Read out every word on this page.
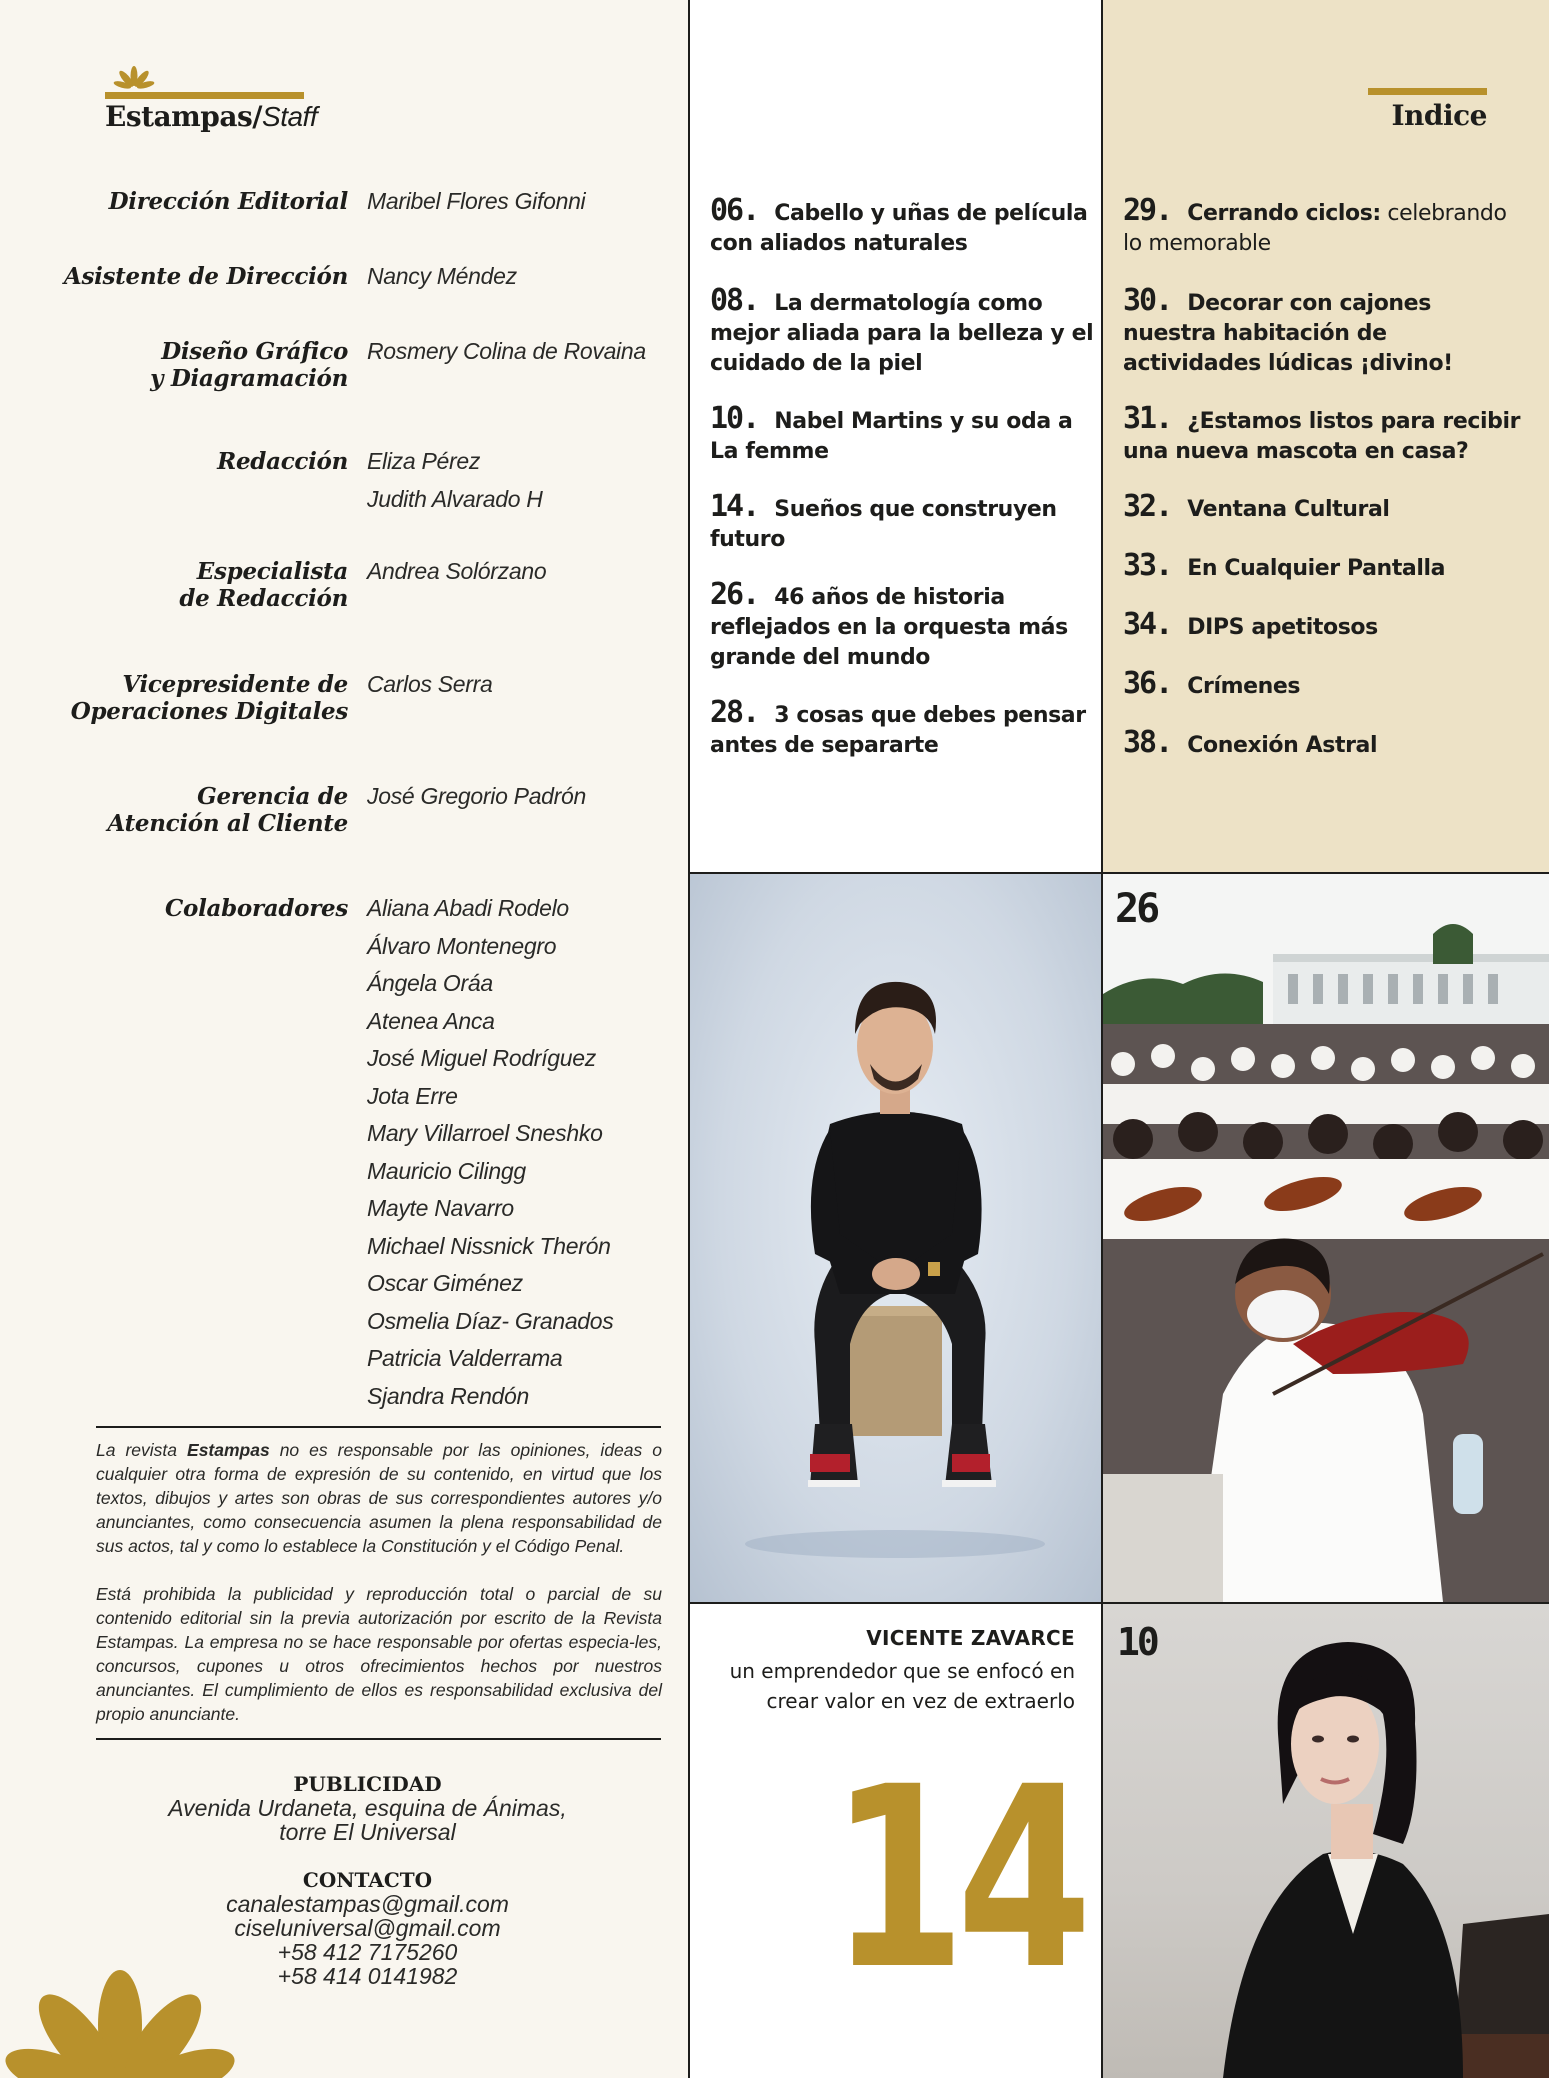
Estampas/Staff
Dirección Editorial Maribel Flores Gifonni
Asistente de Dirección Nancy Méndez
Diseño Gráfico
y Diagramación
Rosmery Colina de Rovaina
Redacción Eliza Pérez
Judith Alvarado H
Especialista
de Redacción
Andrea Solórzano
Vicepresidente de
Operaciones Digitales
Carlos Serra
Gerencia de
Atención al Cliente
José Gregorio Padrón
Colaboradores Aliana Abadi Rodelo
Álvaro Montenegro
Ángela Oráa
Atenea Anca
José Miguel Rodríguez
Jota Erre
Mary Villarroel Sneshko
Mauricio Cilingg
Mayte Navarro
Michael Nissnick Therón
Oscar Giménez
Osmelia Díaz- Granados
Patricia Valderrama
Sjandra Rendón
La revista Estampas no es responsable por las opiniones, ideas o cualquier otra forma de expresión de su contenido, en virtud que los textos, dibujos y artes son obras de sus correspondientes autores y/o anunciantes, como consecuencia asumen la plena responsabilidad de sus actos, tal y como lo establece la Constitución y el Código Penal.
Está prohibida la publicidad y reproducción total o parcial de su contenido editorial sin la previa autorización por escrito de la Revista Estampas. La empresa no se hace responsable por ofertas especia-les, concursos, cupones u otros ofrecimientos hechos por nuestros anunciantes. El cumplimiento de ellos es responsabilidad exclusiva del propio anunciante.
PUBLICIDAD
Avenida Urdaneta, esquina de Ánimas,
torre El Universal
CONTACTO
canalestampas@gmail.com
ciseluniversal@gmail.com
+58 412 7175260
+58 414 0141982
06. Cabello y uñas de película
con aliados naturales
08. La dermatología como
mejor aliada para la belleza y el
cuidado de la piel
10. Nabel Martins y su oda a
La femme
14. Sueños que construyen
futuro
26. 46 años de historia
reflejados en la orquesta más
grande del mundo
28. 3 cosas que debes pensar
antes de separarte
Indice
29. Cerrando ciclos: celebrando
lo memorable
30. Decorar con cajones
nuestra habitación de
actividades lúdicas ¡divino!
31. ¿Estamos listos para recibir
una nueva mascota en casa?
32. Ventana Cultural
33. En Cualquier Pantalla
34. DIPS apetitosos
36. Crímenes
38. Conexión Astral
26
VICENTE ZAVARCE
un emprendedor que se enfocó en crear valor en vez de extraerlo
14
10
